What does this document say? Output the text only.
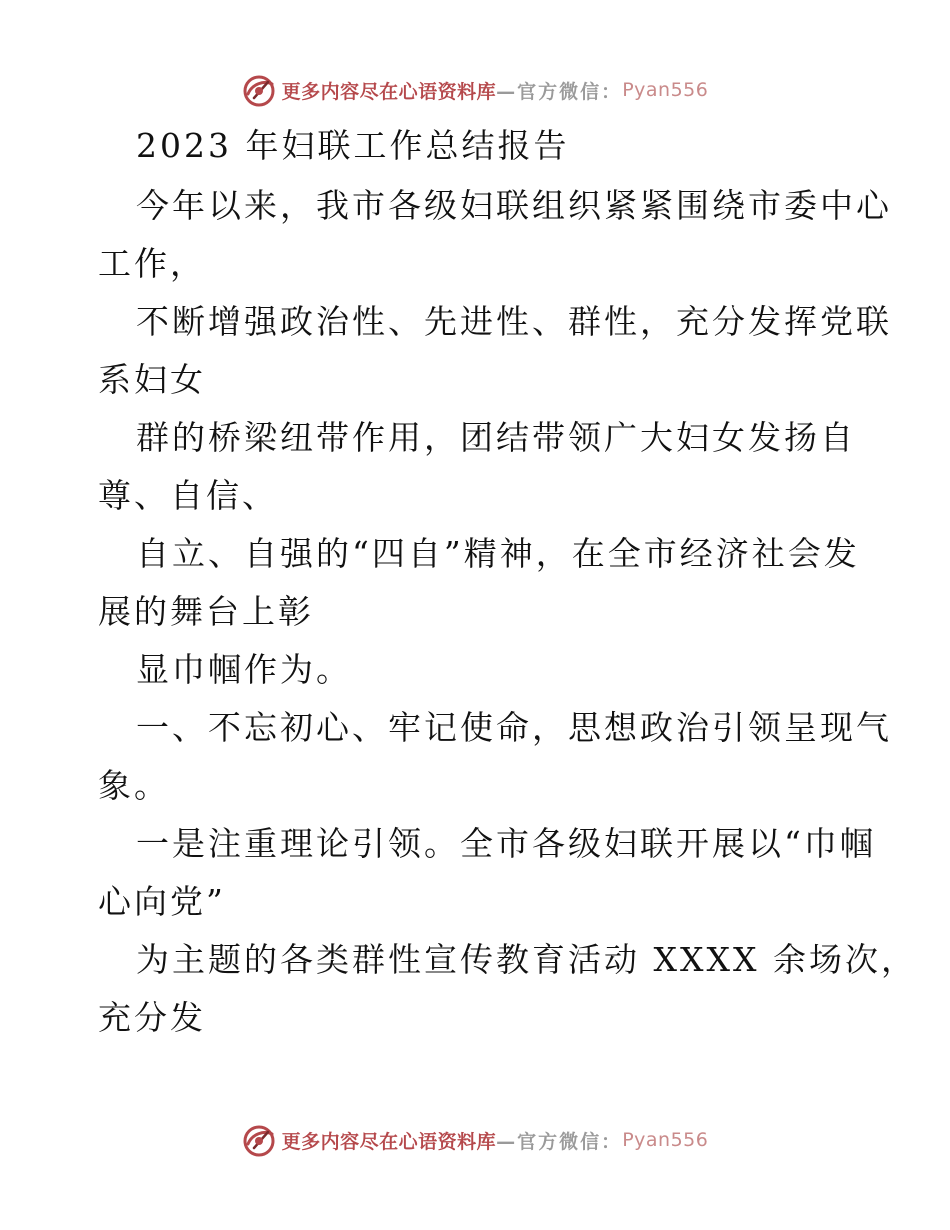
更多内容尽在心语资料库 —官方微信： Pyan556
2023 年妇联工作总结报告
今年以来，我市各级妇联组织紧紧围绕市委中心
工作，
不断增强政治性、先进性、群性，充分发挥党联
系妇女
群的桥梁纽带作用，团结带领广大妇女发扬自
尊、自信、
自立、自强的“四自”精神，在全市经济社会发
展的舞台上彰
显巾帼作为。
一、不忘初心、牢记使命，思想政治引领呈现气
象。
一是注重理论引领。全市各级妇联开展以“巾帼
心向党”
为主题的各类群性宣传教育活动 XXXX 余场次，
充分发
更多内容尽在心语资料库 —官方微信： Pyan556
